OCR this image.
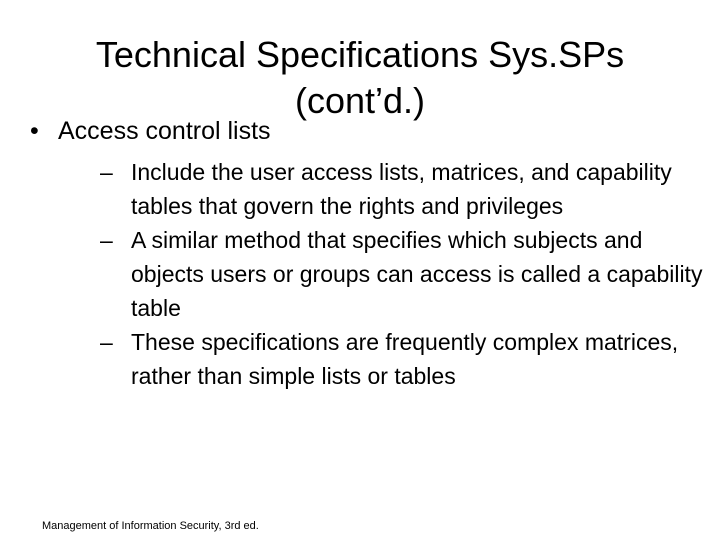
Technical Specifications Sys.SPs
(cont’d.)
• Access control lists
– Include the user access lists, matrices, and capability tables that govern the rights and privileges
– A similar method that specifies which subjects and objects users or groups can access is called a capability table
– These specifications are frequently complex matrices, rather than simple lists or tables
Management of Information Security, 3rd ed.
